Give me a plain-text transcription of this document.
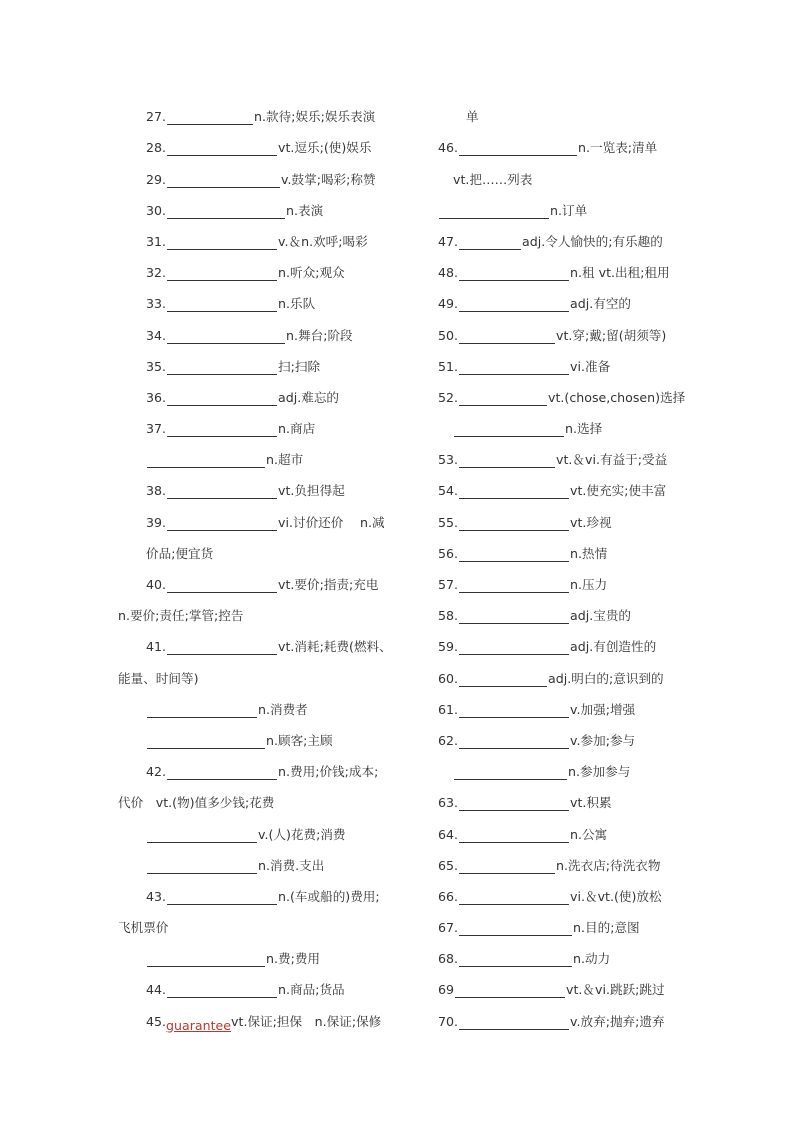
27.	n.款待;娱乐;娱乐表演
28.	vt.逗乐;(使)娱乐
29.	v.鼓掌;喝彩;称赞
30.	n.表演
31.	v.＆n.欢呼;喝彩
32.	n.听众;观众
33.	n.乐队
34.	n.舞台;阶段
35.	扫;扫除
36.	adj.难忘的
37.	n.商店
n.超市
38.	vt.负担得起
39.	vi.讨价还价 　n.减
价品;便宜货
40.	vt.要价;指责;充电
n.要价;责任;掌管;控告
41.	vt.消耗;耗费(燃料、
能量、时间等)
n.消费者
n.顾客;主顾
42.	n.费用;价钱;成本;
代价　vt.(物)值多少钱;花费
v.(人)花费;消费
n.消费.支出
43.	n.(车或船的)费用;
飞机票价
n.费;费用
44.	n.商品;货品
45. guarantee vt.保证;担保　n.保证;保修
单
46.	n.一览表;清单
vt.把……列表
n.订单
47.	adj.令人愉快的;有乐趣的
48.	n.租 vt.出租;租用
49.	adj.有空的
50.	vt.穿;戴;留(胡须等)
51.	vi.准备
52.	vt.(chose,chosen)选择
n.选择
53.	vt.＆vi.有益于;受益
54.	vt.使充实;使丰富
55.	vt.珍视
56.	n.热情
57.	n.压力
58.	adj.宝贵的
59.	adj.有创造性的
60.	adj.明白的;意识到的
61.	v.加强;增强
62.	v.参加;参与
n.参加参与
63.	vt.积累
64.	n.公寓
65.	n.洗衣店;待洗衣物
66.	vi.＆vt.(使)放松
67.	n.目的;意图
68.	n.动力
69	vt.＆vi.跳跃;跳过
70.	v.放弃;抛弃;遗弃
